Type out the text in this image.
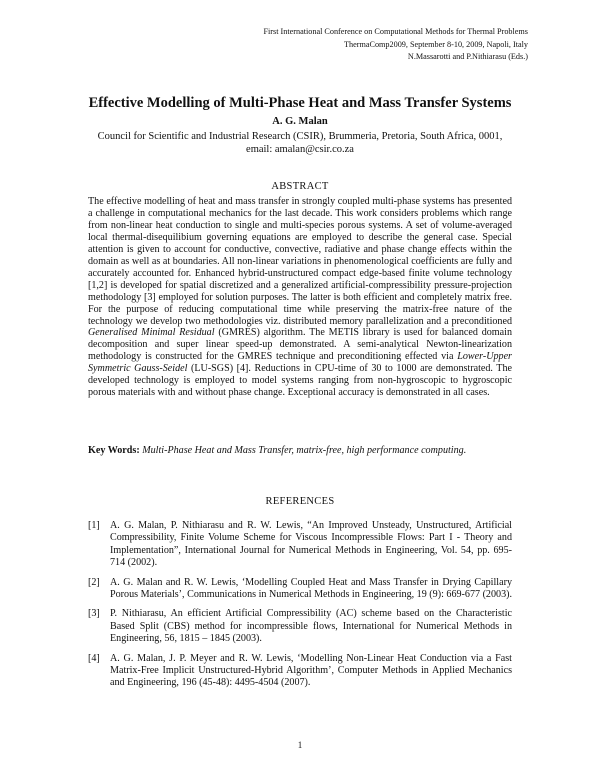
First International Conference on Computational Methods for Thermal Problems
ThermaComp2009, September 8-10, 2009, Napoli, Italy
N.Massarotti and P.Nithiarasu (Eds.)
Effective Modelling of Multi-Phase Heat and Mass Transfer Systems
A. G. Malan
Council for Scientific and Industrial Research (CSIR), Brummeria, Pretoria, South Africa, 0001,
email: amalan@csir.co.za
ABSTRACT
The effective modelling of heat and mass transfer in strongly coupled multi-phase systems has presented a challenge in computational mechanics for the last decade. This work considers problems which range from non-linear heat conduction to single and multi-species porous systems. A set of volume-averaged local thermal-disequilibium governing equations are employed to describe the general case. Special attention is given to account for conductive, convective, radiative and phase change effects within the domain as well as at boundaries. All non-linear variations in phenomenological coefficients are fully and accurately accounted for. Enhanced hybrid-unstructured compact edge-based finite volume technology [1,2] is developed for spatial discretized and a generalized artificial-compressibility pressure-projection methodology [3] employed for solution purposes. The latter is both efficient and completely matrix free. For the purpose of reducing computational time while preserving the matrix-free nature of the technology we develop two methodologies viz. distributed memory parallelization and a preconditioned Generalised Minimal Residual (GMRES) algorithm. The METIS library is used for balanced domain decomposition and super linear speed-up demonstrated. A semi-analytical Newton-linearization methodology is constructed for the GMRES technique and preconditioning effected via Lower-Upper Symmetric Gauss-Seidel (LU-SGS) [4]. Reductions in CPU-time of 30 to 1000 are demonstrated. The developed technology is employed to model systems ranging from non-hygroscopic to hygroscopic porous materials with and without phase change. Exceptional accuracy is demonstrated in all cases.
Key Words: Multi-Phase Heat and Mass Transfer, matrix-free, high performance computing.
REFERENCES
[1]	A. G. Malan, P. Nithiarasu and R. W. Lewis, “An Improved Unsteady, Unstructured, Artificial Compressibility, Finite Volume Scheme for Viscous Incompressible Flows: Part I - Theory and Implementation”, International Journal for Numerical Methods in Engineering, Vol. 54, pp. 695-714 (2002).
[2]	A. G. Malan and R. W. Lewis, ‘Modelling Coupled Heat and Mass Transfer in Drying Capillary Porous Materials’, Communications in Numerical Methods in Engineering, 19 (9): 669-677 (2003).
[3]	P. Nithiarasu, An efficient Artificial Compressibility (AC) scheme based on the Characteristic Based Split (CBS) method for incompressible flows, International for Numerical Methods in Engineering, 56, 1815 – 1845 (2003).
[4]	A. G. Malan, J. P. Meyer and R. W. Lewis, ‘Modelling Non-Linear Heat Conduction via a Fast Matrix-Free Implicit Unstructured-Hybrid Algorithm’, Computer Methods in Applied Mechanics and Engineering, 196 (45-48): 4495-4504 (2007).
1
